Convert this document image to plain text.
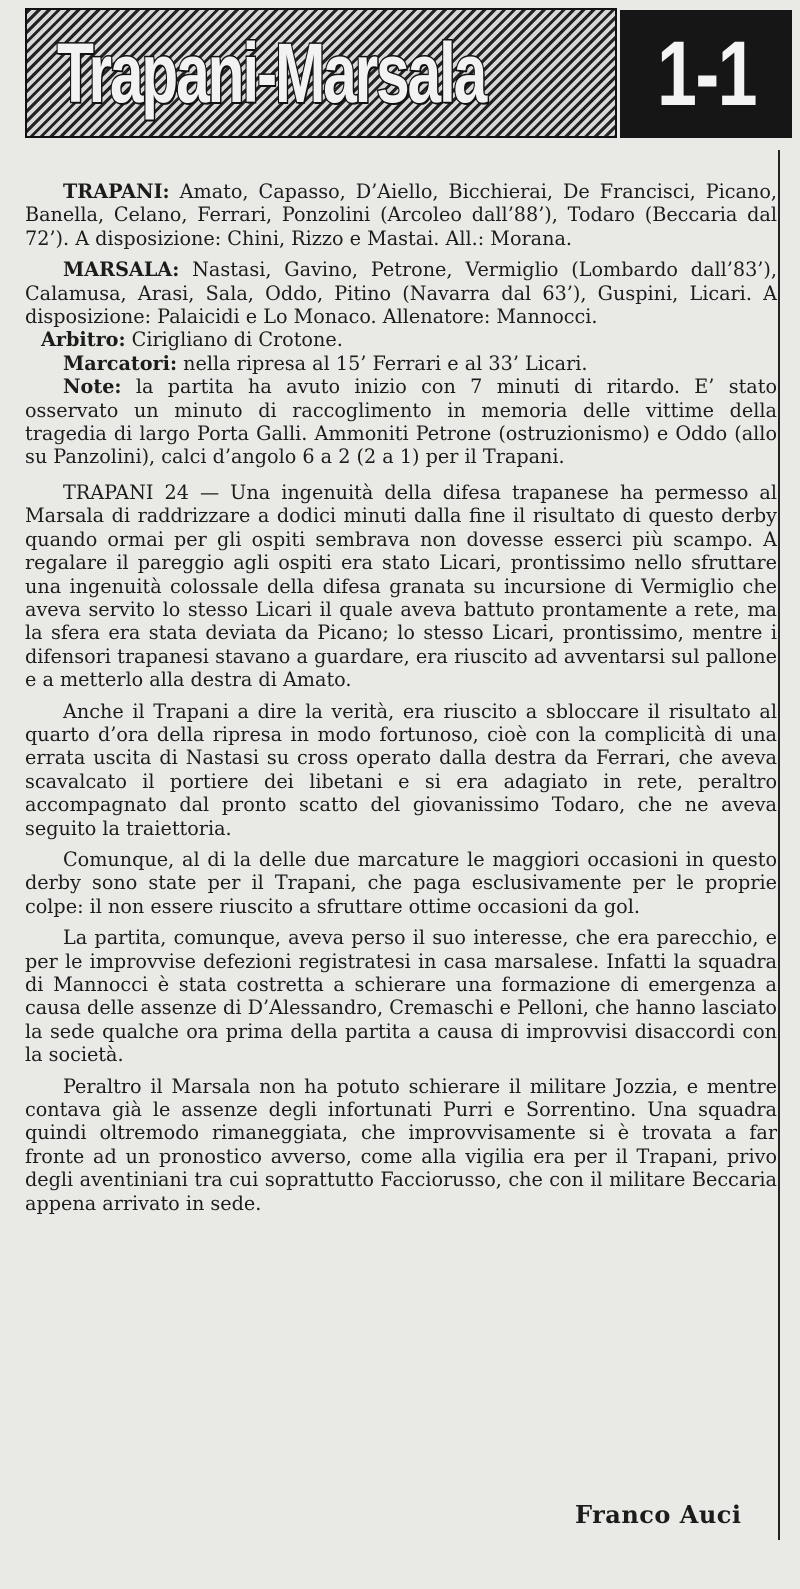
Trapani-Marsala 1-1

TRAPANI: Amato, Capasso, D’Aiello, Bicchierai, De Francisci, Picano, Banella, Celano, Ferrari, Ponzolini (Arcoleo dall’88’), Todaro (Beccaria dal 72’). A disposizione: Chini, Rizzo e Mastai. All.: Morana.

MARSALA: Nastasi, Gavino, Petrone, Vermiglio (Lombardo dall’83’), Calamusa, Arasi, Sala, Oddo, Pitino (Navarra dal 63’), Guspini, Licari. A disposizione: Palaicidi e Lo Monaco. Allenatore: Mannocci.

Arbitro: Cirigliano di Crotone.

Marcatori: nella ripresa al 15’ Ferrari e al 33’ Licari.

Note: la partita ha avuto inizio con 7 minuti di ritardo. E’ stato osservato un minuto di raccoglimento in memoria delle vittime della tragedia di largo Porta Galli. Ammoniti Petrone (ostruzionismo) e Oddo (allo su Panzolini), calci d’angolo 6 a 2 (2 a 1) per il Trapani.

TRAPANI 24 — Una ingenuità della difesa trapanese ha permesso al Marsala di raddrizzare a dodici minuti dalla fine il risultato di questo derby quando ormai per gli ospiti sembrava non dovesse esserci più scampo. A regalare il pareggio agli ospiti era stato Licari, prontissimo nello sfruttare una ingenuità colossale della difesa granata su incursione di Vermiglio che aveva servito lo stesso Licari il quale aveva battuto prontamente a rete, ma la sfera era stata deviata da Picano; lo stesso Licari, prontissimo, mentre i difensori trapanesi stavano a guardare, era riuscito ad avventarsi sul pallone e a metterlo alla destra di Amato.

Anche il Trapani a dire la verità, era riuscito a sbloccare il risultato al quarto d’ora della ripresa in modo fortunoso, cioè con la complicità di una errata uscita di Nastasi su cross operato dalla destra da Ferrari, che aveva scavalcato il portiere dei libetani e si era adagiato in rete, peraltro accompagnato dal pronto scatto del giovanissimo Todaro, che ne aveva seguito la traiettoria.

Comunque, al di la delle due marcature le maggiori occasioni in questo derby sono state per il Trapani, che paga esclusivamente per le proprie colpe: il non essere riuscito a sfruttare ottime occasioni da gol.

La partita, comunque, aveva perso il suo interesse, che era parecchio, e per le improvvise defezioni registratesi in casa marsalese. Infatti la squadra di Mannocci è stata costretta a schierare una formazione di emergenza a causa delle assenze di D’Alessandro, Cremaschi e Pelloni, che hanno lasciato la sede qualche ora prima della partita a causa di improvvisi disaccordi con la società.

Peraltro il Marsala non ha potuto schierare il militare Jozzia, e mentre contava già le assenze degli infortunati Purri e Sorrentino. Una squadra quindi oltremodo rimaneggiata, che improvvisamente si è trovata a far fronte ad un pronostico avverso, come alla vigilia era per il Trapani, privo degli aventiniani tra cui soprattutto Facciorusso, che con il militare Beccaria appena arrivato in sede.

Franco Auci
